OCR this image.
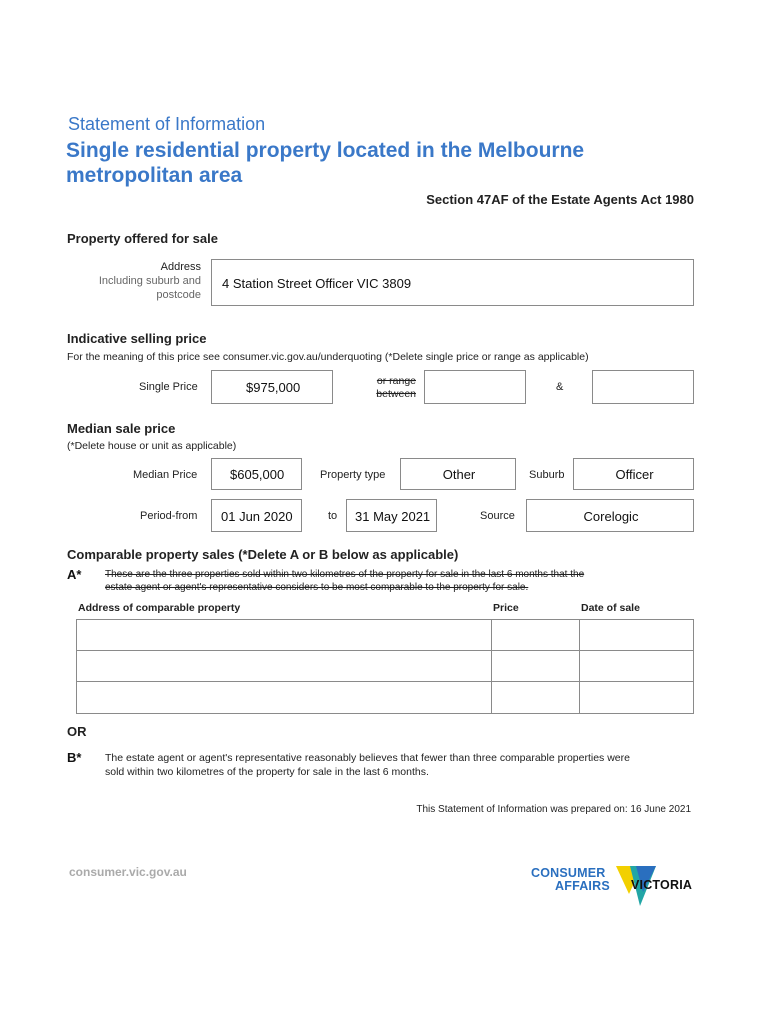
Statement of Information
Single residential property located in the Melbourne
metropolitan area
Section 47AF of the Estate Agents Act 1980
Property offered for sale
Address
Including suburb and
postcode
4 Station Street Officer VIC 3809
Indicative selling price
For the meaning of this price see consumer.vic.gov.au/underquoting (*Delete single price or range as applicable)
Single Price	$975,000	or range
between
&
Median sale price
(*Delete house or unit as applicable)
Median Price	$605,000	Property type	Other	Suburb	Officer
Period-from 01 Jun 2020	to 31 May 2021	Source	Corelogic
Comparable property sales (*Delete A or B below as applicable)
A* These are the three properties sold within two kilometres of the property for sale in the last 6 months that the
estate agent or agent's representative considers to be most comparable to the property for sale.
Address of comparable property	Price	Date of sale
OR
B* The estate agent or agent's representative reasonably believes that fewer than three comparable properties were
sold within two kilometres of the property for sale in the last 6 months.
This Statement of Information was prepared on: 16 June 2021
consumer.vic.gov.au	CONSUMER
AFFAIRS VICTORIA
